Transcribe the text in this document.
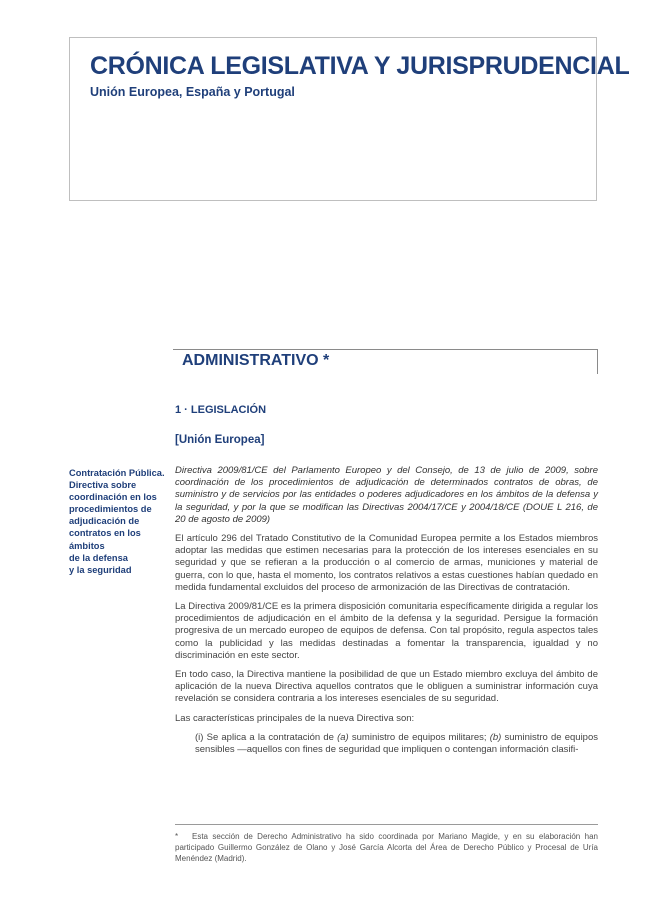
CRÓNICA LEGISLATIVA Y JURISPRUDENCIAL
Unión Europea, España y Portugal
ADMINISTRATIVO *
1 · LEGISLACIÓN
[Unión Europea]
Contratación Pública.
Directiva sobre
coordinación en los
procedimientos de
adjudicación de
contratos en los
ámbitos
de la defensa
y la seguridad

Directiva 2009/81/CE del Parlamento Europeo y del Consejo, de 13 de julio de 2009, sobre coordinación de los procedimientos de adjudicación de determinados contratos de obras, de suministro y de servicios por las entidades o poderes adjudicadores en los ámbitos de la defensa y la seguridad, y por la que se modifican las Directivas 2004/17/CE y 2004/18/CE (DOUE L 216, de 20 de agosto de 2009)

El artículo 296 del Tratado Constitutivo de la Comunidad Europea permite a los Estados miembros adoptar las medidas que estimen necesarias para la protección de los intereses esenciales en su seguridad y que se refieran a la producción o al comercio de armas, municiones y material de guerra, con lo que, hasta el momento, los contratos relativos a estas cuestiones habían quedado en medida fundamental excluidos del proceso de armonización de las Directivas de contratación.

La Directiva 2009/81/CE es la primera disposición comunitaria específicamente dirigida a regular los procedimientos de adjudicación en el ámbito de la defensa y la seguridad. Persigue la formación progresiva de un mercado europeo de equipos de defensa. Con tal propósito, regula aspectos tales como la publicidad y las medidas destinadas a fomentar la transparencia, igualdad y no discriminación en este sector.

En todo caso, la Directiva mantiene la posibilidad de que un Estado miembro excluya del ámbito de aplicación de la nueva Directiva aquellos contratos que le obliguen a suministrar información cuya revelación se considera contraria a los intereses esenciales de su seguridad.

Las características principales de la nueva Directiva son:

(i) Se aplica a la contratación de (a) suministro de equipos militares; (b) suministro de equipos sensibles —aquellos con fines de seguridad que impliquen o contengan información clasifi-

* Esta sección de Derecho Administrativo ha sido coordinada por Mariano Magide, y en su elaboración han participado Guillermo González de Olano y José García Alcorta del Área de Derecho Público y Procesal de Uría Menéndez (Madrid).
